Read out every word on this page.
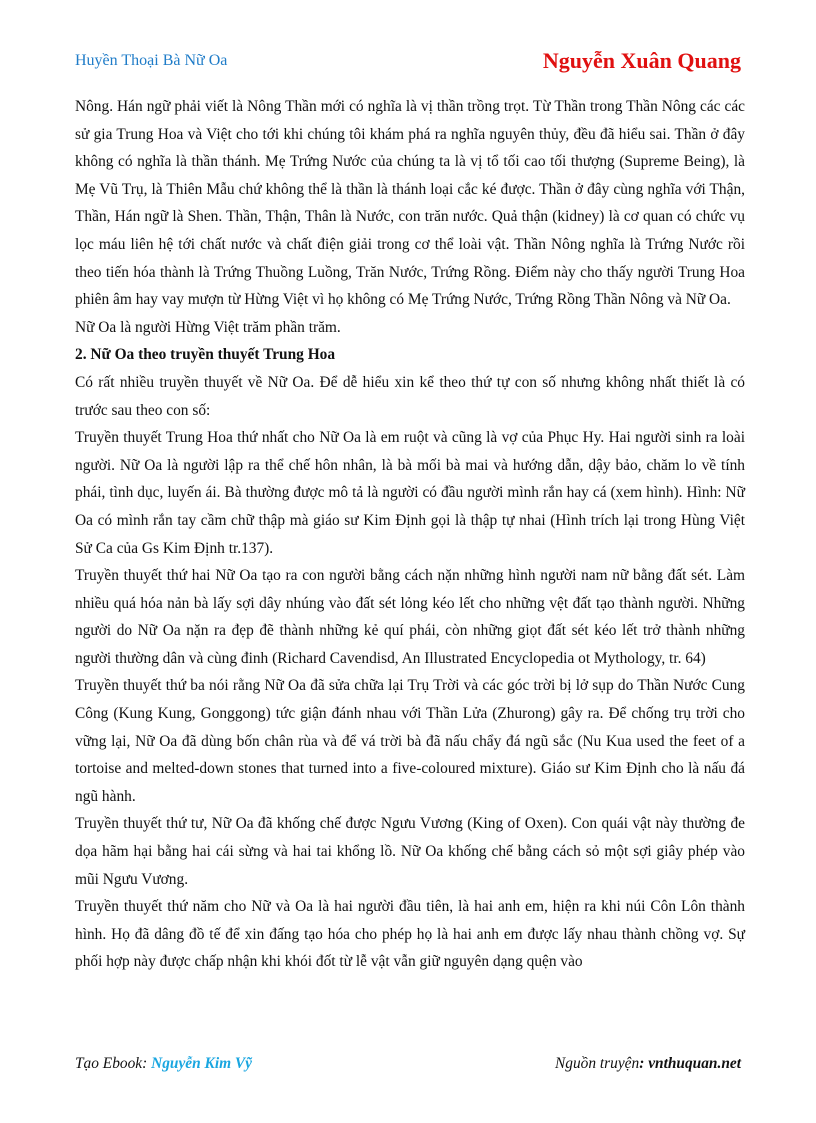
Huyền Thoại Bà Nữ Oa	Nguyễn Xuân Quang

Nông. Hán ngữ phải viết là Nông Thần mới có nghĩa là vị thần trồng trọt. Từ Thần trong Thần Nông các các sử gia Trung Hoa và Việt cho tới khi chúng tôi khám phá ra nghĩa nguyên thủy, đều đã hiểu sai. Thần ở đây không có nghĩa là thần thánh. Mẹ Trứng Nước của chúng ta là vị tổ tối cao tối thượng (Supreme Being), là Mẹ Vũ Trụ, là Thiên Mẫu chứ không thể là thần là thánh loại cắc ké được. Thần ở đây cùng nghĩa với Thận, Thần, Hán ngữ là Shen. Thần, Thận, Thân là Nước, con trăn nước. Quả thận (kidney) là cơ quan có chức vụ lọc máu liên hệ tới chất nước và chất điện giải trong cơ thể loài vật. Thần Nông nghĩa là Trứng Nước rồi theo tiến hóa thành là Trứng Thuồng Luồng, Trăn Nước, Trứng Rồng. Điểm này cho thấy người Trung Hoa phiên âm hay vay mượn từ Hừng Việt vì họ không có Mẹ Trứng Nước, Trứng Rồng Thần Nông và Nữ Oa.

Nữ Oa là người Hừng Việt trăm phần trăm.

2. Nữ Oa theo truyền thuyết Trung Hoa

Có rất nhiều truyền thuyết về Nữ Oa. Để dễ hiểu xin kể theo thứ tự con số nhưng không nhất thiết là có trước sau theo con số:

Truyền thuyết Trung Hoa thứ nhất cho Nữ Oa là em ruột và cũng là vợ của Phục Hy. Hai người sinh ra loài người. Nữ Oa là người lập ra thể chế hôn nhân, là bà mối bà mai và hướng dẫn, dậy bảo, chăm lo về tính phái, tình dục, luyến ái. Bà thường được mô tả là người có đầu người mình rắn hay cá (xem hình). Hình: Nữ Oa có mình rắn tay cầm chữ thập mà giáo sư Kim Định gọi là thập tự nhai (Hình trích lại trong Hùng Việt Sử Ca của Gs Kim Định tr.137).

Truyền thuyết thứ hai Nữ Oa tạo ra con người bằng cách nặn những hình người nam nữ bằng đất sét. Làm nhiều quá hóa nản bà lấy sợi dây nhúng vào đất sét lỏng kéo lết cho những vệt đất tạo thành người. Những người do Nữ Oa nặn ra đẹp đẽ thành những kẻ quí phái, còn những giọt đất sét kéo lết trở thành những người thường dân và cùng đinh (Richard Cavendisd, An Illustrated Encyclopedia ot Mythology, tr. 64)

Truyền thuyết thứ ba nói rằng Nữ Oa đã sửa chữa lại Trụ Trời và các góc trời bị lở sụp do Thần Nước Cung Công (Kung Kung, Gonggong) tức giận đánh nhau với Thần Lửa (Zhurong) gây ra. Để chống trụ trời cho vững lại, Nữ Oa đã dùng bốn chân rùa và để vá trời bà đã nấu chẩy đá ngũ sắc (Nu Kua used the feet of a tortoise and melted-down stones that turned into a five-coloured mixture). Giáo sư Kim Định cho là nấu đá ngũ hành.

Truyền thuyết thứ tư, Nữ Oa đã khống chế được Ngưu Vương (King of Oxen). Con quái vật này thường đe dọa hãm hại bằng hai cái sừng và hai tai khổng lồ. Nữ Oa khống chế bằng cách sỏ một sợi giây phép vào mũi Ngưu Vương.

Truyền thuyết thứ năm cho Nữ và Oa là hai người đầu tiên, là hai anh em, hiện ra khi núi Côn Lôn thành hình. Họ đã dâng đồ tế để xin đấng tạo hóa cho phép họ là hai anh em được lấy nhau thành chồng vợ. Sự phối hợp này được chấp nhận khi khói đốt từ lễ vật vẫn giữ nguyên dạng quện vào

Tạo Ebook: Nguyễn Kim Vỹ	Nguồn truyện: vnthuquan.net
